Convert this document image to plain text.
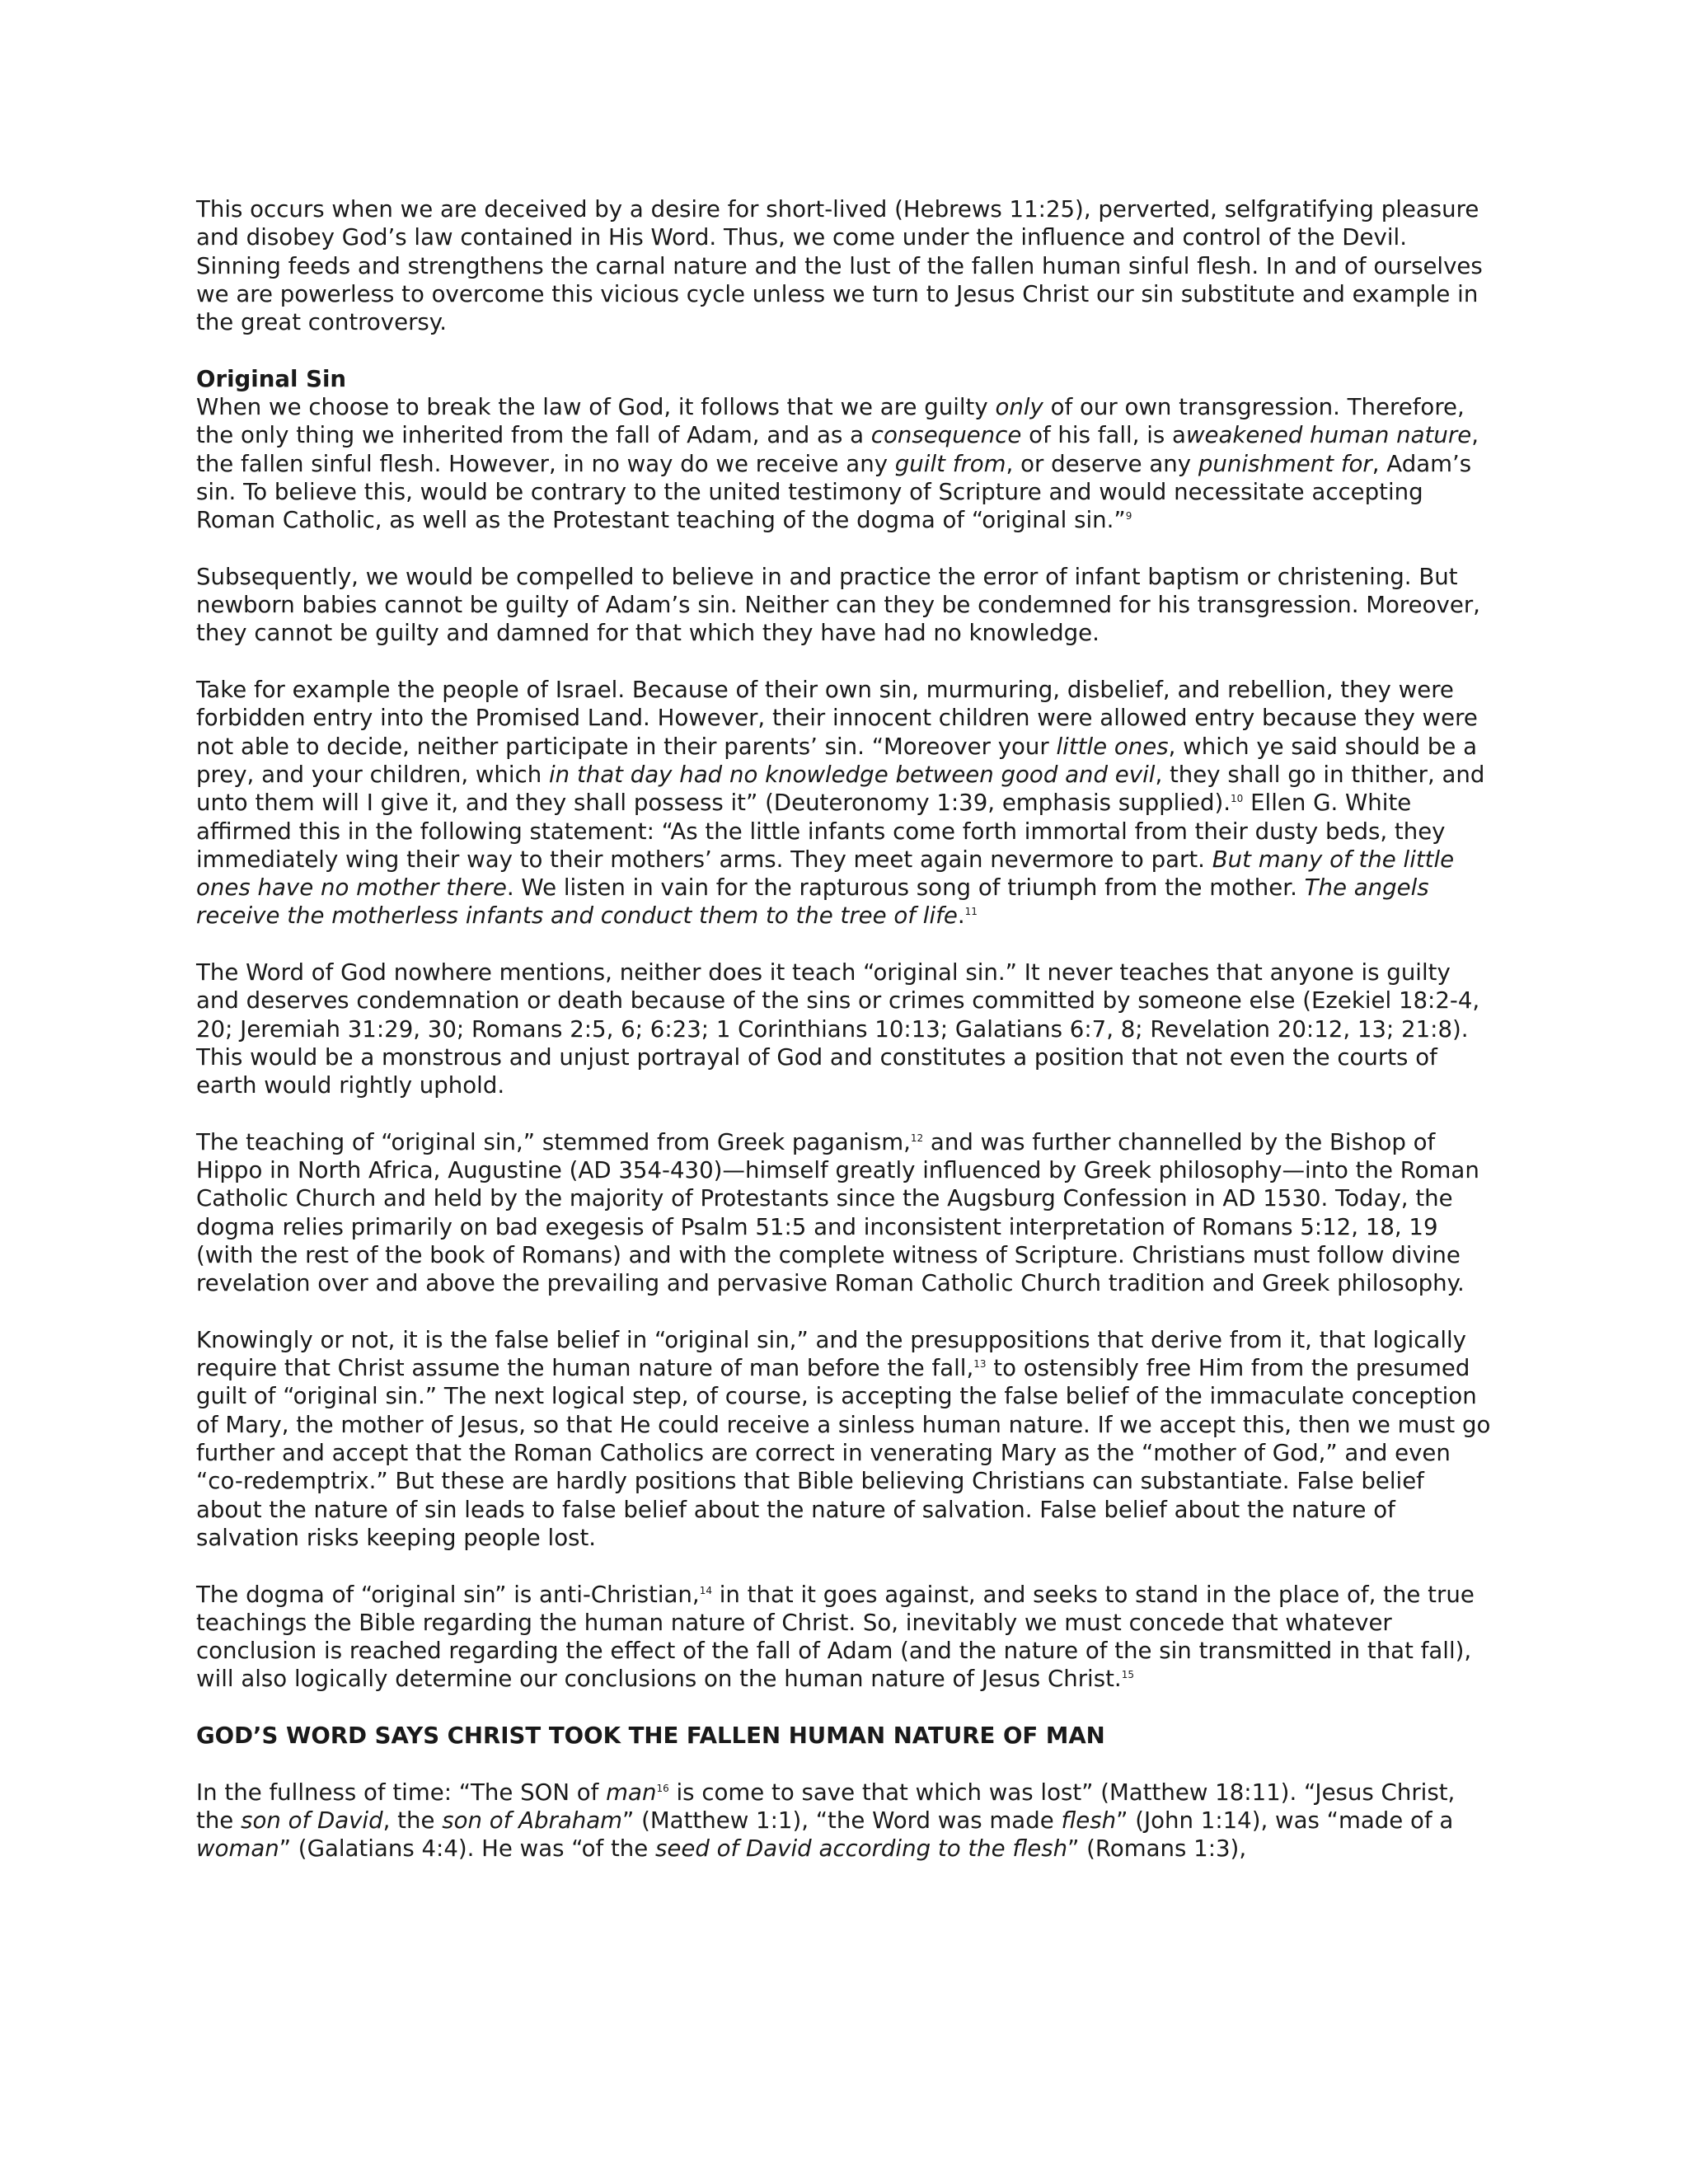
This occurs when we are deceived by a desire for short-lived (Hebrews 11:25), perverted, selfgratifying pleasure and disobey God’s law contained in His Word. Thus, we come under the influence and control of the Devil. Sinning feeds and strengthens the carnal nature and the lust of the fallen human sinful flesh. In and of ourselves we are powerless to overcome this vicious cycle unless we turn to Jesus Christ our sin substitute and example in the great controversy.

Original Sin

When we choose to break the law of God, it follows that we are guilty only of our own transgression. Therefore, the only thing we inherited from the fall of Adam, and as a consequence of his fall, is aweakened human nature, the fallen sinful flesh. However, in no way do we receive any guilt from, or deserve any punishment for, Adam’s sin. To believe this, would be contrary to the united testimony of Scripture and would necessitate accepting Roman Catholic, as well as the Protestant teaching of the dogma of “original sin.”$^9$

Subsequently, we would be compelled to believe in and practice the error of infant baptism or christening. But newborn babies cannot be guilty of Adam’s sin. Neither can they be condemned for his transgression. Moreover, they cannot be guilty and damned for that which they have had no knowledge.

Take for example the people of Israel. Because of their own sin, murmuring, disbelief, and rebellion, they were forbidden entry into the Promised Land. However, their innocent children were allowed entry because they were not able to decide, neither participate in their parents’ sin. “Moreover your little ones, which ye said should be a prey, and your children, which in that day had no knowledge between good and evil, they shall go in thither, and unto them will I give it, and they shall possess it” (Deuteronomy 1:39, emphasis supplied).$^{10}$ Ellen G. White affirmed this in the following statement: “As the little infants come forth immortal from their dusty beds, they immediately wing their way to their mothers’ arms. They meet again nevermore to part. But many of the little ones have no mother there. We listen in vain for the rapturous song of triumph from the mother. The angels receive the motherless infants and conduct them to the tree of life.$^{11}$

The Word of God nowhere mentions, neither does it teach “original sin.” It never teaches that anyone is guilty and deserves condemnation or death because of the sins or crimes committed by someone else (Ezekiel 18:2-4, 20; Jeremiah 31:29, 30; Romans 2:5, 6; 6:23; 1 Corinthians 10:13; Galatians 6:7, 8; Revelation 20:12, 13; 21:8). This would be a monstrous and unjust portrayal of God and constitutes a position that not even the courts of earth would rightly uphold.

The teaching of “original sin,” stemmed from Greek paganism,$^{12}$ and was further channelled by the Bishop of Hippo in North Africa, Augustine (AD 354-430)—himself greatly influenced by Greek philosophy—into the Roman Catholic Church and held by the majority of Protestants since the Augsburg Confession in AD 1530. Today, the dogma relies primarily on bad exegesis of Psalm 51:5 and inconsistent interpretation of Romans 5:12, 18, 19 (with the rest of the book of Romans) and with the complete witness of Scripture. Christians must follow divine revelation over and above the prevailing and pervasive Roman Catholic Church tradition and Greek philosophy.

Knowingly or not, it is the false belief in “original sin,” and the presuppositions that derive from it, that logically require that Christ assume the human nature of man before the fall,$^{13}$ to ostensibly free Him from the presumed guilt of “original sin.” The next logical step, of course, is accepting the false belief of the immaculate conception of Mary, the mother of Jesus, so that He could receive a sinless human nature. If we accept this, then we must go further and accept that the Roman Catholics are correct in venerating Mary as the “mother of God,” and even “co-redemptrix.” But these are hardly positions that Bible believing Christians can substantiate. False belief about the nature of sin leads to false belief about the nature of salvation. False belief about the nature of salvation risks keeping people lost.

The dogma of “original sin” is anti-Christian,$^{14}$ in that it goes against, and seeks to stand in the place of, the true teachings the Bible regarding the human nature of Christ. So, inevitably we must concede that whatever conclusion is reached regarding the effect of the fall of Adam (and the nature of the sin transmitted in that fall), will also logically determine our conclusions on the human nature of Jesus Christ.$^{15}$

GOD’S WORD SAYS CHRIST TOOK THE FALLEN HUMAN NATURE OF MAN

In the fullness of time: “The SON of man$^{16}$ is come to save that which was lost” (Matthew 18:11). “Jesus Christ, the son of David, the son of Abraham” (Matthew 1:1), “the Word was made flesh” (John 1:14), was “made of a woman” (Galatians 4:4). He was “of the seed of David according to the flesh” (Romans 1:3),
